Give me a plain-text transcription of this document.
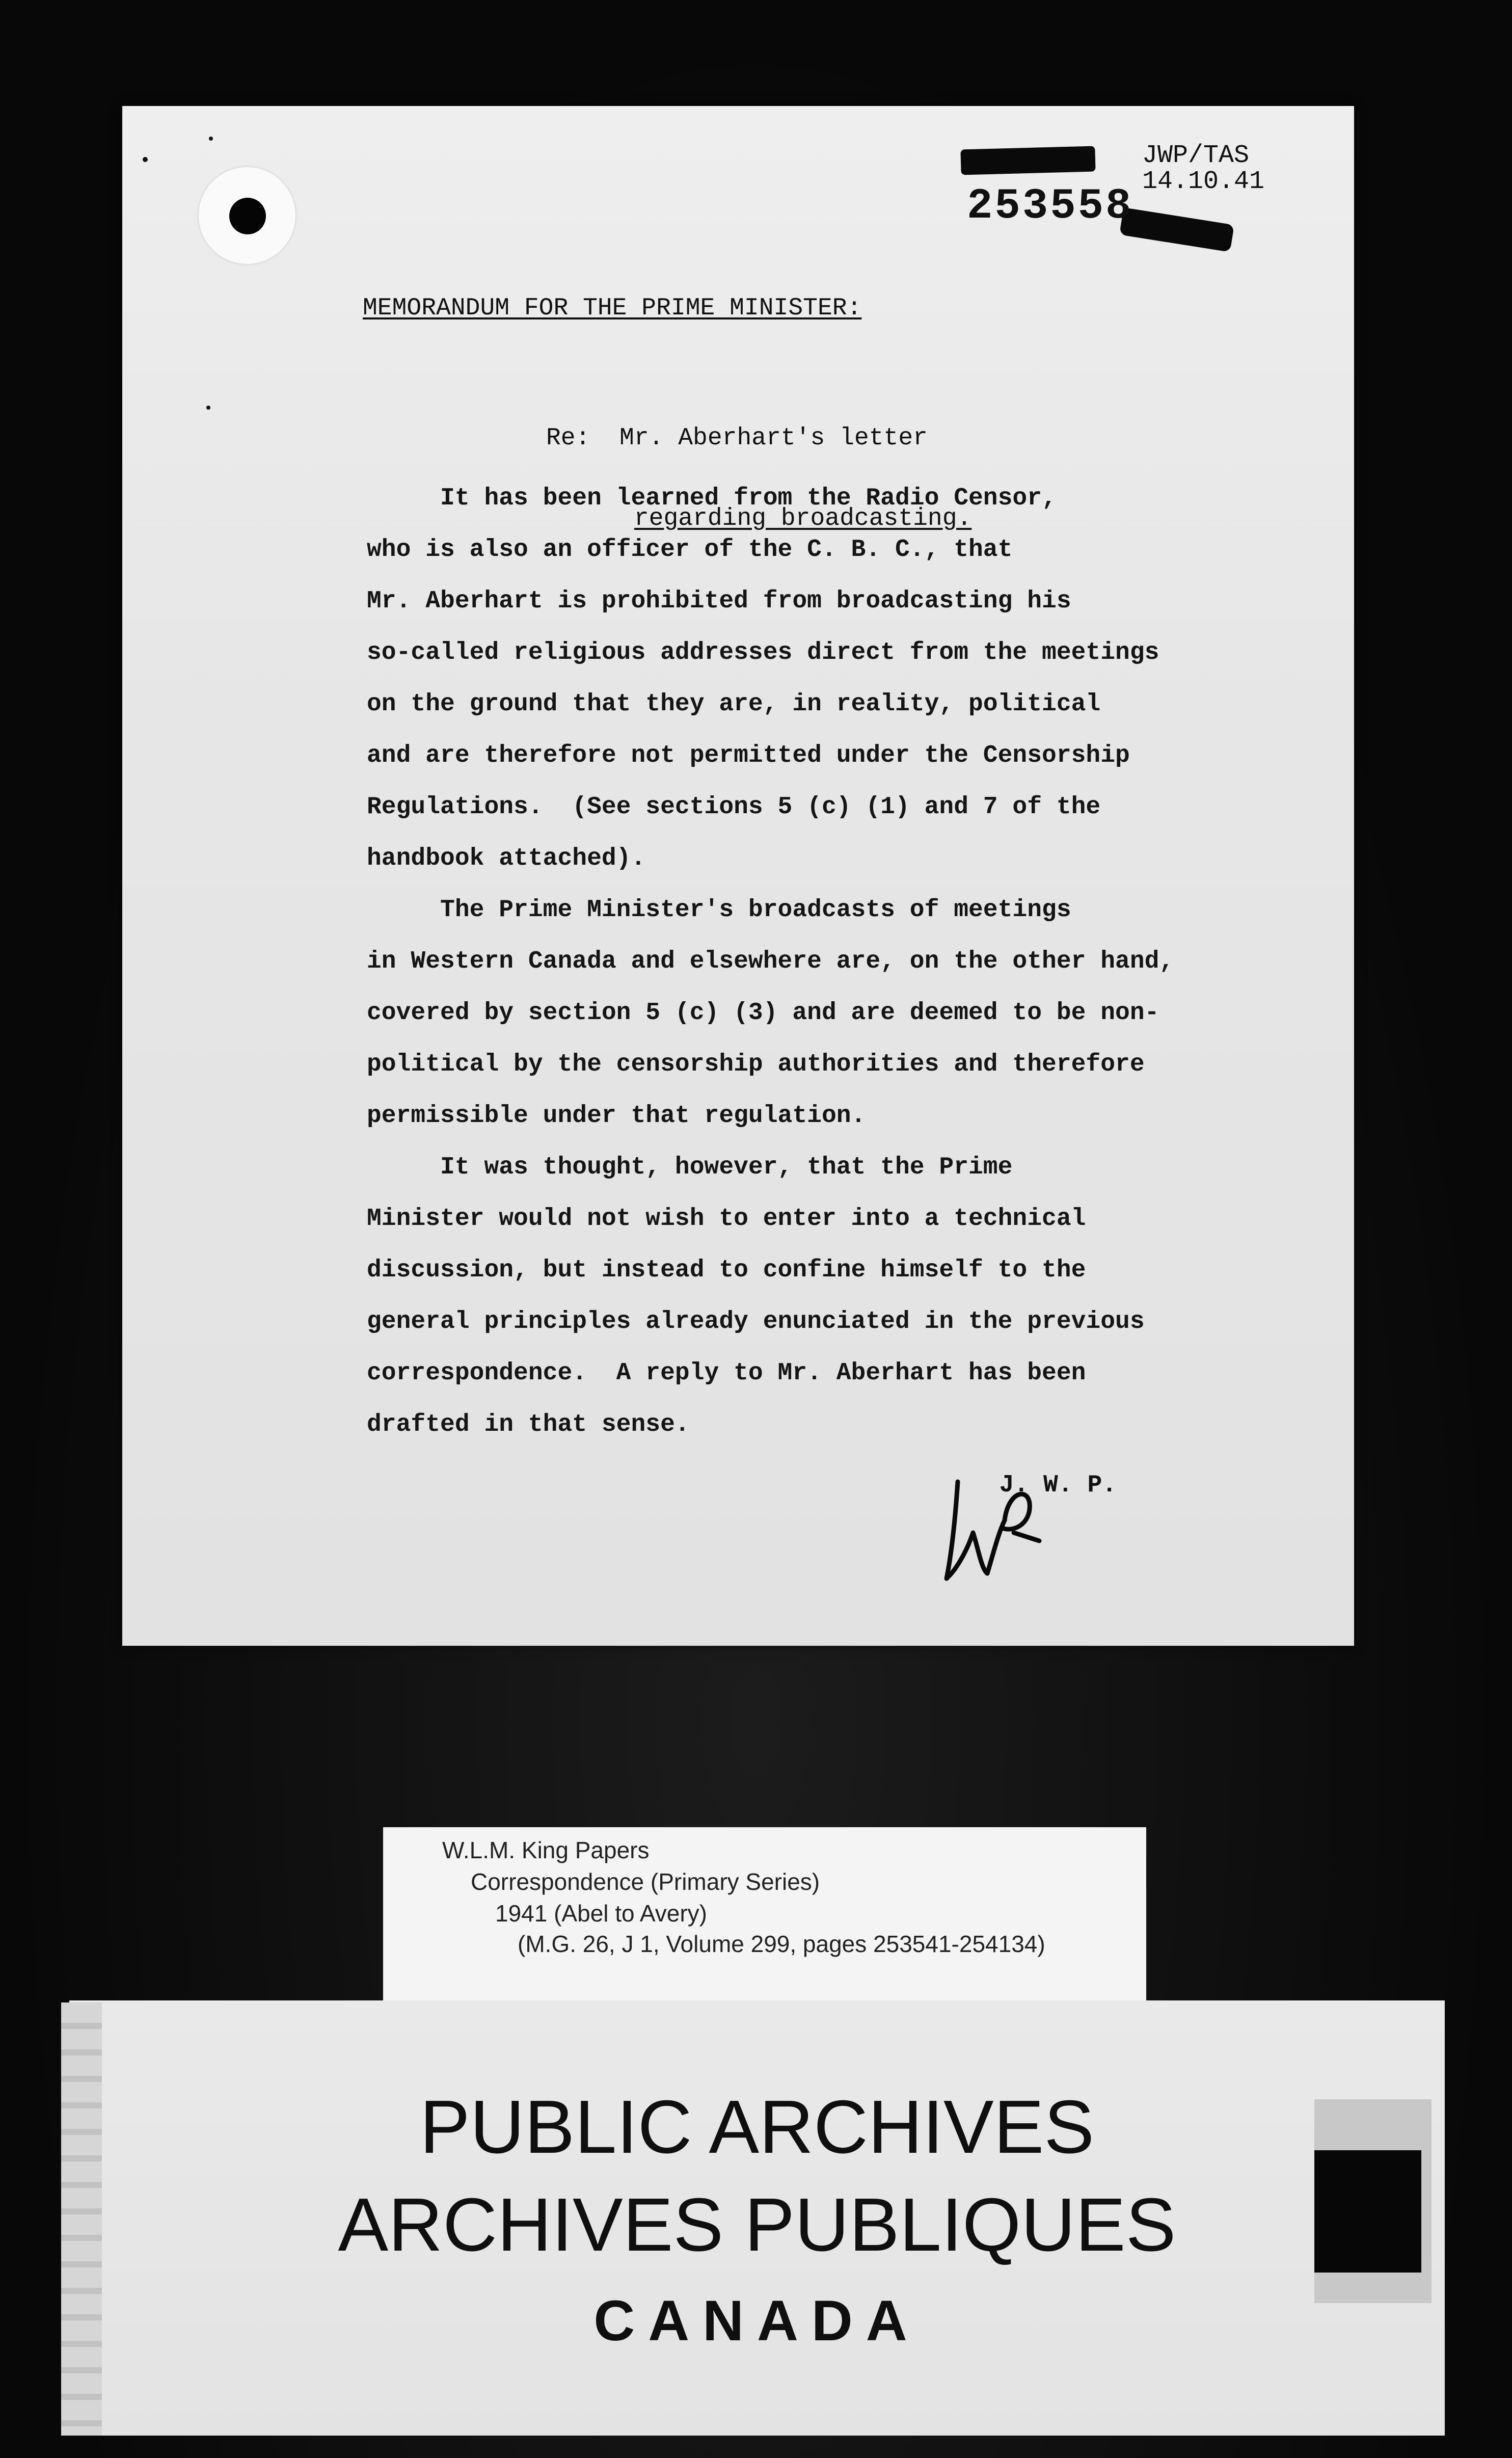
253558
JWP/TAS
14.10.41
MEMORANDUM FOR THE PRIME MINISTER:

Re: Mr. Aberhart's letter

regarding broadcasting.

It has been learned from the Radio Censor,

who is also an officer of the C. B. C., that

Mr. Aberhart is prohibited from broadcasting his

so-called religious addresses direct from the meetings

on the ground that they are, in reality, political

and are therefore not permitted under the Censorship

Regulations.  (See sections 5 (c) (1) and 7 of the

handbook attached).

The Prime Minister's broadcasts of meetings

in Western Canada and elsewhere are, on the other hand,

covered by section 5 (c) (3) and are deemed to be non-

political by the censorship authorities and therefore

permissible under that regulation.

It was thought, however, that the Prime

Minister would not wish to enter into a technical

discussion, but instead to confine himself to the

general principles already enunciated in the previous

correspondence.  A reply to Mr. Aberhart has been

drafted in that sense.

J. W. P.
W.L.M. King Papers
Correspondence (Primary Series)
1941 (Abel to Avery)
(M.G. 26, J 1, Volume 299, pages 253541-254134)
PUBLIC ARCHIVES
ARCHIVES PUBLIQUES
CANADA
